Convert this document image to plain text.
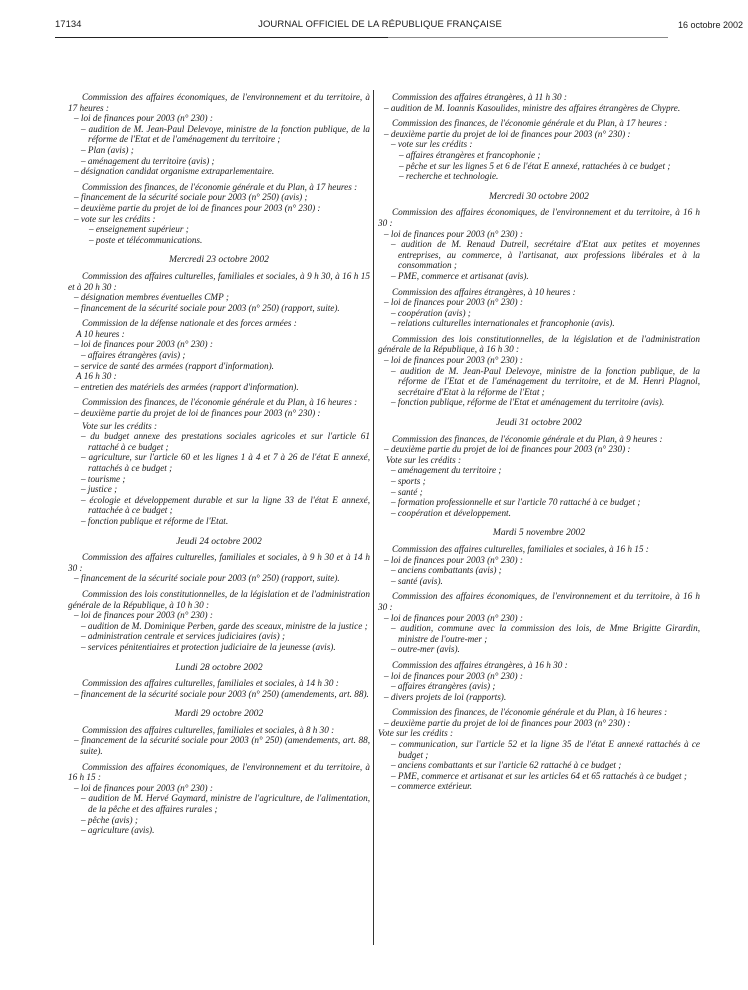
17134	JOURNAL OFFICIEL DE LA RÉPUBLIQUE FRANÇAISE	16 octobre 2002

Commission des affaires économiques, de l'environnement et du territoire, à 17 heures :

– loi de finances pour 2003 (n° 230) :

– audition de M. Jean-Paul Delevoye, ministre de la fonction publique, de la réforme de l'Etat et de l'aménagement du territoire ;

– Plan (avis) ;

– aménagement du territoire (avis) ;

– désignation candidat organisme extraparlementaire.

Commission des finances, de l'économie générale et du Plan, à 17 heures :

– financement de la sécurité sociale pour 2003 (n° 250) (avis) ;

– deuxième partie du projet de loi de finances pour 2003 (n° 230) :

– vote sur les crédits :

– enseignement supérieur ;

– poste et télécommunications.

Mercredi 23 octobre 2002

Commission des affaires culturelles, familiales et sociales, à 9 h 30, à 16 h 15 et à 20 h 30 :

– désignation membres éventuelles CMP ;

– financement de la sécurité sociale pour 2003 (n° 250) (rapport, suite).

Commission de la défense nationale et des forces armées :

A 10 heures :

– loi de finances pour 2003 (n° 230) :

– affaires étrangères (avis) ;

– service de santé des armées (rapport d'information).

A 16 h 30 :

– entretien des matériels des armées (rapport d'information).

Commission des finances, de l'économie générale et du Plan, à 16 heures :

– deuxième partie du projet de loi de finances pour 2003 (n° 230) :

Vote sur les crédits :

– du budget annexe des prestations sociales agricoles et sur l'article 61 rattaché à ce budget ;

– agriculture, sur l'article 60 et les lignes 1 à 4 et 7 à 26 de l'état E annexé, rattachés à ce budget ;

– tourisme ;

– justice ;

– écologie et développement durable et sur la ligne 33 de l'état E annexé, rattachée à ce budget ;

– fonction publique et réforme de l'Etat.

Jeudi 24 octobre 2002

Commission des affaires culturelles, familiales et sociales, à 9 h 30 et à 14 h 30 :

– financement de la sécurité sociale pour 2003 (n° 250) (rapport, suite).

Commission des lois constitutionnelles, de la législation et de l'administration générale de la République, à 10 h 30 :

– loi de finances pour 2003 (n° 230) :

– audition de M. Dominique Perben, garde des sceaux, ministre de la justice ;

– administration centrale et services judiciaires (avis) ;

– services pénitentiaires et protection judiciaire de la jeunesse (avis).

Lundi 28 octobre 2002

Commission des affaires culturelles, familiales et sociales, à 14 h 30 :

– financement de la sécurité sociale pour 2003 (n° 250) (amendements, art. 88).

Mardi 29 octobre 2002

Commission des affaires culturelles, familiales et sociales, à 8 h 30 :

– financement de la sécurité sociale pour 2003 (n° 250) (amendements, art. 88, suite).

Commission des affaires économiques, de l'environnement et du territoire, à 16 h 15 :

– loi de finances pour 2003 (n° 230) :

– audition de M. Hervé Gaymard, ministre de l'agriculture, de l'alimentation, de la pêche et des affaires rurales ;

– pêche (avis) ;

– agriculture (avis).

Commission des affaires étrangères, à 11 h 30 :

– audition de M. Ioannis Kasoulides, ministre des affaires étrangères de Chypre.

Commission des finances, de l'économie générale et du Plan, à 17 heures :

– deuxième partie du projet de loi de finances pour 2003 (n° 230) :

– vote sur les crédits :

– affaires étrangères et francophonie ;

– pêche et sur les lignes 5 et 6 de l'état E annexé, rattachées à ce budget ;

– recherche et technologie.

Mercredi 30 octobre 2002

Commission des affaires économiques, de l'environnement et du territoire, à 16 h 30 :

– loi de finances pour 2003 (n° 230) :

– audition de M. Renaud Dutreil, secrétaire d'Etat aux petites et moyennes entreprises, au commerce, à l'artisanat, aux professions libérales et à la consommation ;

– PME, commerce et artisanat (avis).

Commission des affaires étrangères, à 10 heures :

– loi de finances pour 2003 (n° 230) :

– coopération (avis) ;

– relations culturelles internationales et francophonie (avis).

Commission des lois constitutionnelles, de la législation et de l'administration générale de la République, à 16 h 30 :

– loi de finances pour 2003 (n° 230) :

– audition de M. Jean-Paul Delevoye, ministre de la fonction publique, de la réforme de l'Etat et de l'aménagement du territoire, et de M. Henri Plagnol, secrétaire d'Etat à la réforme de l'Etat ;

– fonction publique, réforme de l'Etat et aménagement du territoire (avis).

Jeudi 31 octobre 2002

Commission des finances, de l'économie générale et du Plan, à 9 heures :

– deuxième partie du projet de loi de finances pour 2003 (n° 230) :

Vote sur les crédits :

– aménagement du territoire ;

– sports ;

– santé ;

– formation professionnelle et sur l'article 70 rattaché à ce budget ;

– coopération et développement.

Mardi 5 novembre 2002

Commission des affaires culturelles, familiales et sociales, à 16 h 15 :

– loi de finances pour 2003 (n° 230) :

– anciens combattants (avis) ;

– santé (avis).

Commission des affaires économiques, de l'environnement et du territoire, à 16 h 30 :

– loi de finances pour 2003 (n° 230) :

– audition, commune avec la commission des lois, de Mme Brigitte Girardin, ministre de l'outre-mer ;

– outre-mer (avis).

Commission des affaires étrangères, à 16 h 30 :

– loi de finances pour 2003 (n° 230) :

– affaires étrangères (avis) ;

– divers projets de loi (rapports).

Commission des finances, de l'économie générale et du Plan, à 16 heures :

– deuxième partie du projet de loi de finances pour 2003 (n° 230) :

Vote sur les crédits :

– communication, sur l'article 52 et la ligne 35 de l'état E annexé rattachés à ce budget ;

– anciens combattants et sur l'article 62 rattaché à ce budget ;

– PME, commerce et artisanat et sur les articles 64 et 65 rattachés à ce budget ;

– commerce extérieur.
